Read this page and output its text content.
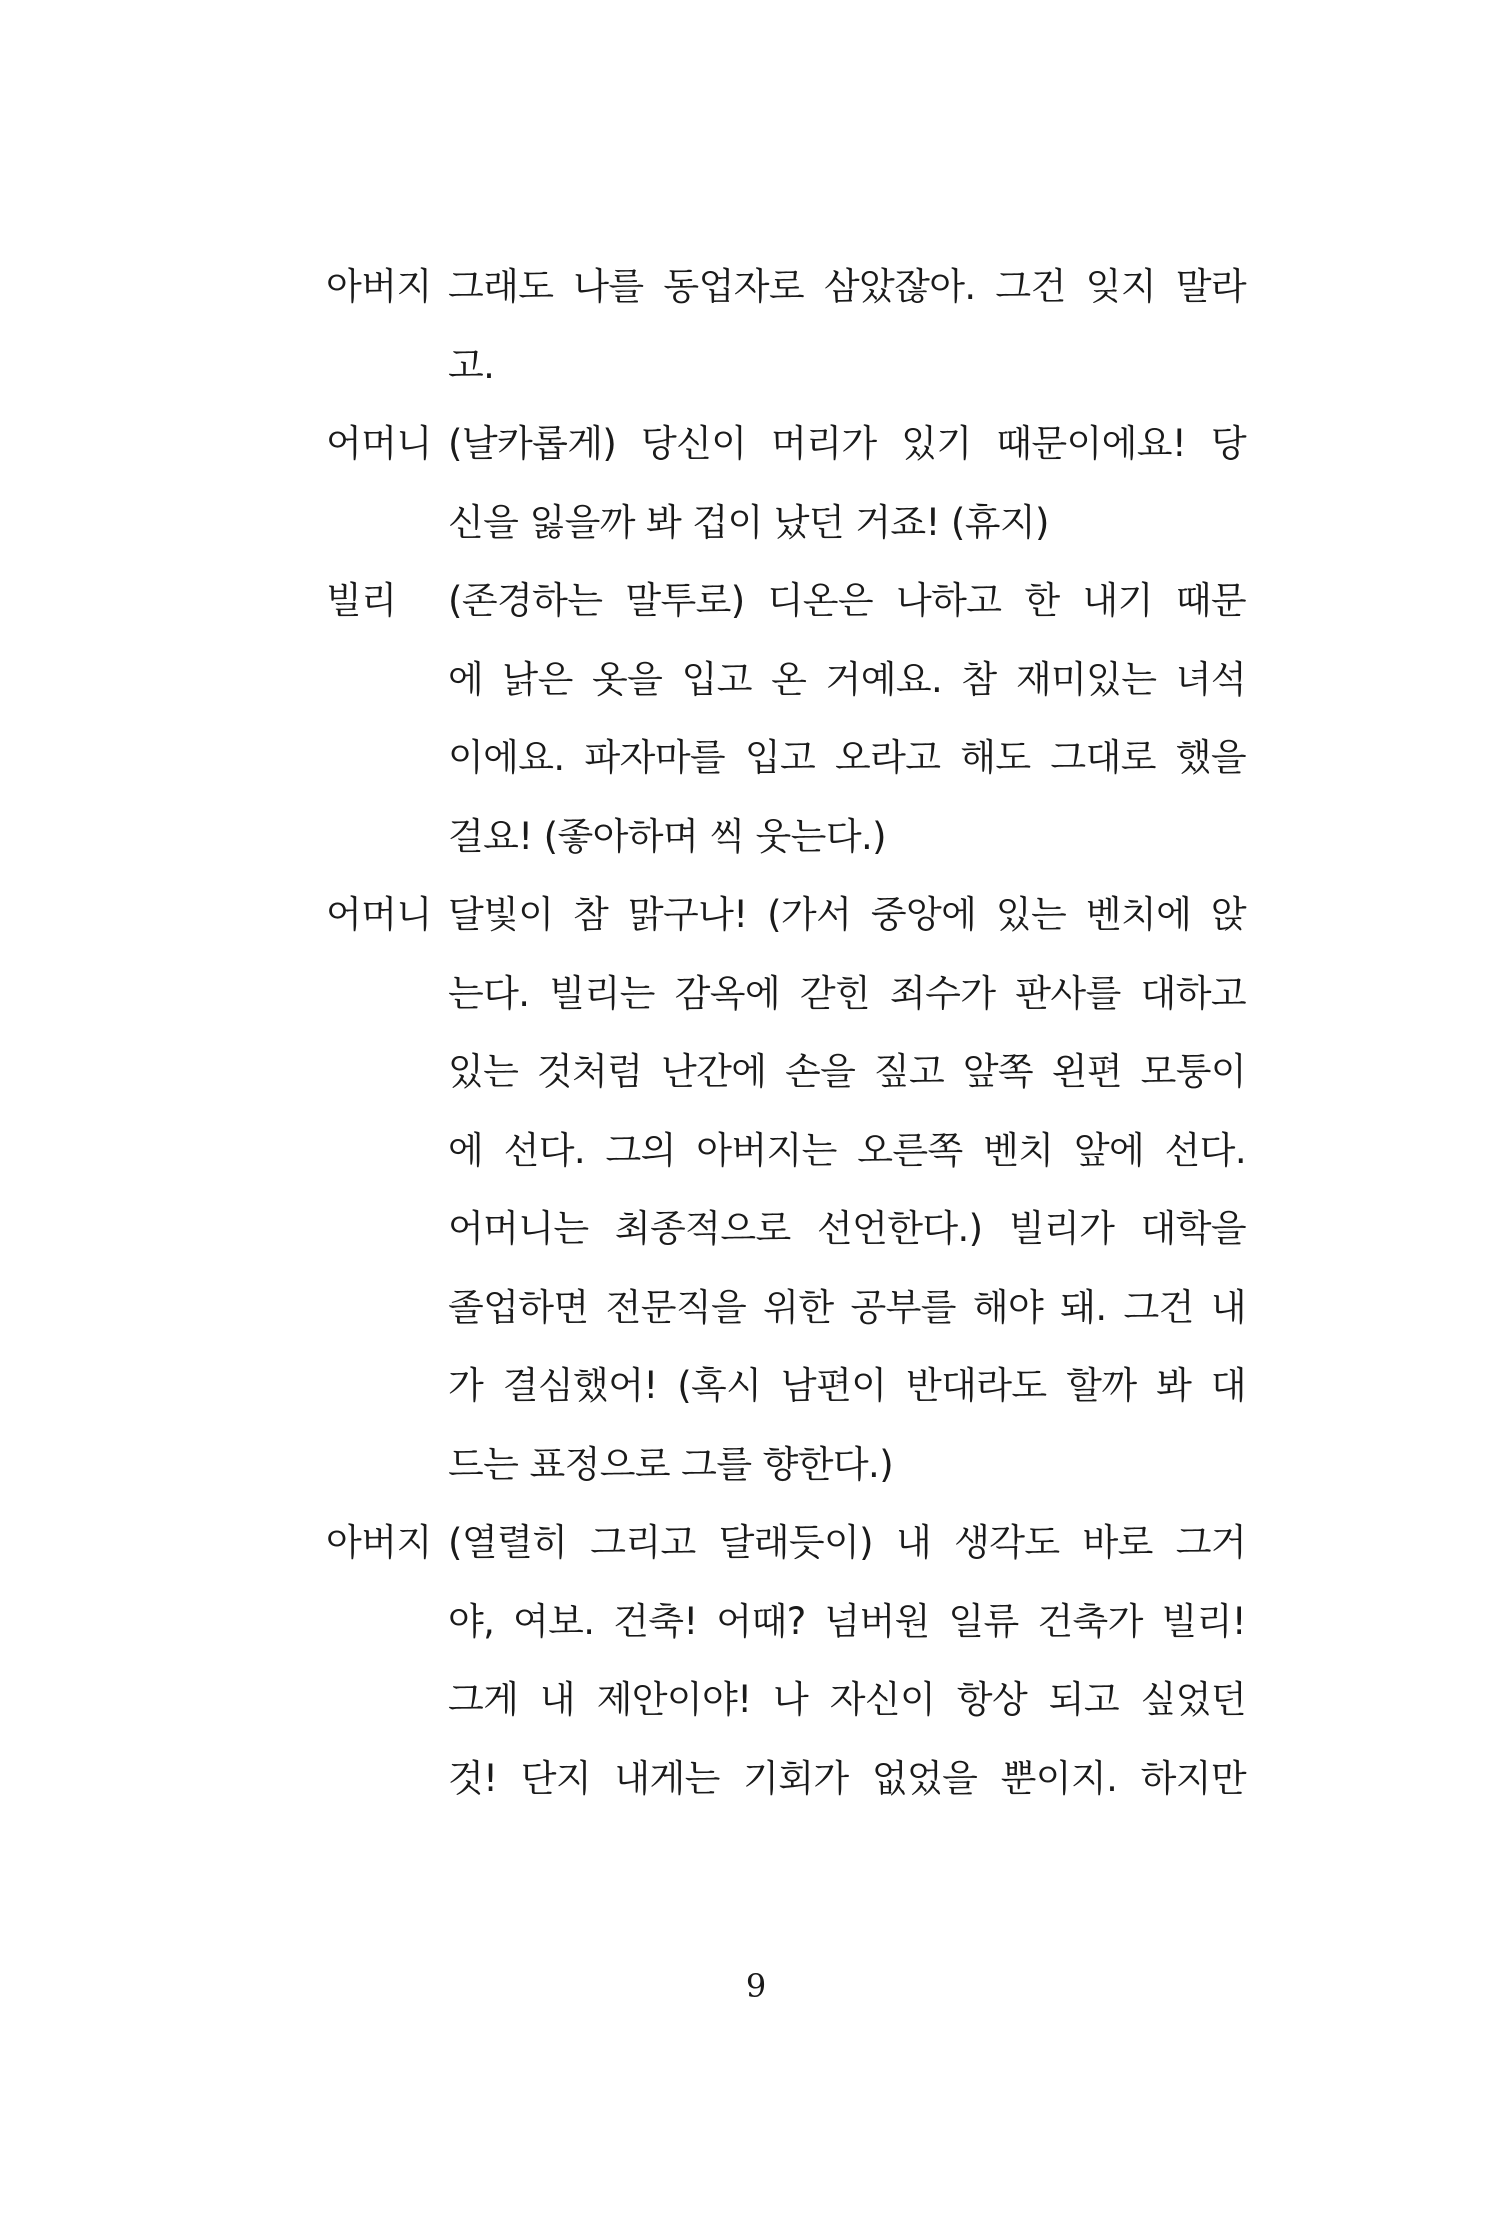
아버지 그래도 나를 동업자로 삼았잖아. 그건 잊지 말라
고.
어머니 (날카롭게) 당신이 머리가 있기 때문이에요! 당
신을 잃을까 봐 겁이 났던 거죠! (휴지)
빌리	(존경하는 말투로) 디온은 나하고 한 내기 때문
에 낡은 옷을 입고 온 거예요. 참 재미있는 녀석
이에요. 파자마를 입고 오라고 해도 그대로 했을
걸요! (좋아하며 씩 웃는다.)
어머니 달빛이 참 맑구나! (가서 중앙에 있는 벤치에 앉
는다. 빌리는 감옥에 갇힌 죄수가 판사를 대하고
있는 것처럼 난간에 손을 짚고 앞쪽 왼편 모퉁이
에 선다. 그의 아버지는 오른쪽 벤치 앞에 선다.
어머니는 최종적으로 선언한다.) 빌리가 대학을
졸업하면 전문직을 위한 공부를 해야 돼. 그건 내
가 결심했어! (혹시 남편이 반대라도 할까 봐 대
드는 표정으로 그를 향한다.)
아버지 (열렬히 그리고 달래듯이) 내 생각도 바로 그거
야, 여보. 건축! 어때? 넘버원 일류 건축가 빌리!
그게 내 제안이야! 나 자신이 항상 되고 싶었던
것! 단지 내게는 기회가 없었을 뿐이지. 하지만
9
